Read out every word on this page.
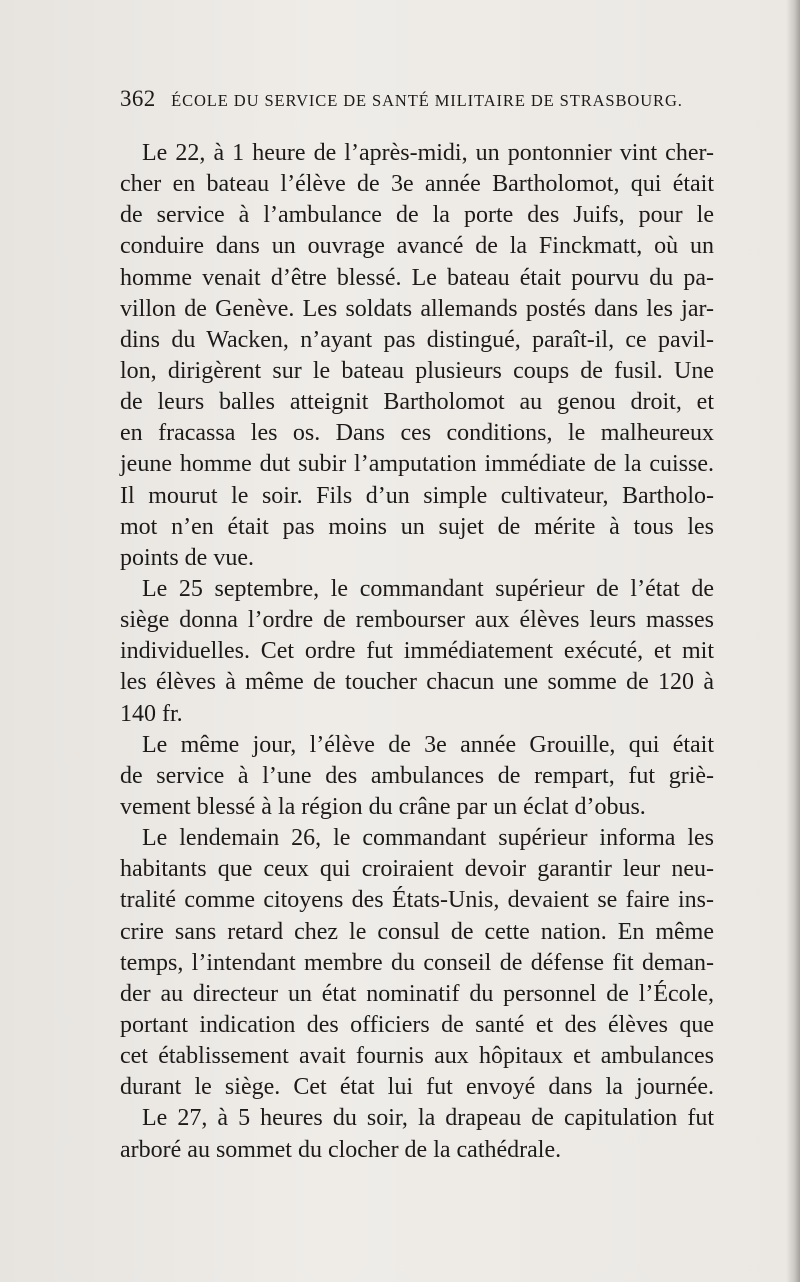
362 ÉCOLE DU SERVICE DE SANTÉ MILITAIRE DE STRASBOURG.
Le 22, à 1 heure de l’après-midi, un pontonnier vint cher-
cher en bateau l’élève de 3e année Bartholomot, qui était
de service à l’ambulance de la porte des Juifs, pour le
conduire dans un ouvrage avancé de la Finckmatt, où un
homme venait d’être blessé. Le bateau était pourvu du pa-
villon de Genève. Les soldats allemands postés dans les jar-
dins du Wacken, n’ayant pas distingué, paraît-il, ce pavil-
lon, dirigèrent sur le bateau plusieurs coups de fusil. Une
de leurs balles atteignit Bartholomot au genou droit, et
en fracassa les os. Dans ces conditions, le malheureux
jeune homme dut subir l’amputation immédiate de la cuisse.
Il mourut le soir. Fils d’un simple cultivateur, Bartholo-
mot n’en était pas moins un sujet de mérite à tous les
points de vue.
Le 25 septembre, le commandant supérieur de l’état de
siège donna l’ordre de rembourser aux élèves leurs masses
individuelles. Cet ordre fut immédiatement exécuté, et mit
les élèves à même de toucher chacun une somme de 120 à
140 fr.
Le même jour, l’élève de 3e année Grouille, qui était
de service à l’une des ambulances de rempart, fut griè-
vement blessé à la région du crâne par un éclat d’obus.
Le lendemain 26, le commandant supérieur informa les
habitants que ceux qui croiraient devoir garantir leur neu-
tralité comme citoyens des États-Unis, devaient se faire ins-
crire sans retard chez le consul de cette nation. En même
temps, l’intendant membre du conseil de défense fit deman-
der au directeur un état nominatif du personnel de l’École,
portant indication des officiers de santé et des élèves que
cet établissement avait fournis aux hôpitaux et ambulances
durant le siège. Cet état lui fut envoyé dans la journée.
Le 27, à 5 heures du soir, la drapeau de capitulation fut
arboré au sommet du clocher de la cathédrale.
